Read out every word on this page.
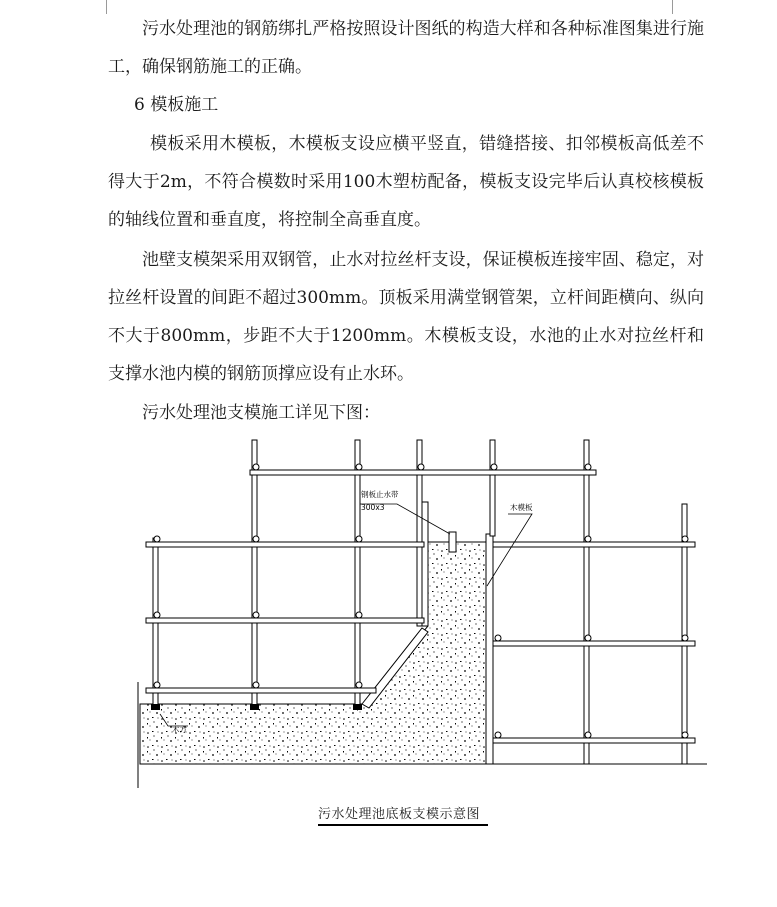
污水处理池的钢筋绑扎严格按照设计图纸的构造大样和各种标准图集进行施工，确保钢筋施工的正确。

6 模板施工

模板采用木模板，木模板支设应横平竖直，错缝搭接、扣邻模板高低差不得大于2m，不符合模数时采用100木塑枋配备，模板支设完毕后认真校核模板的轴线位置和垂直度，将控制全高垂直度。

池壁支模架采用双钢管，止水对拉丝杆支设，保证模板连接牢固、稳定，对拉丝杆设置的间距不超过300mm。顶板采用满堂钢管架，立杆间距横向、纵向不大于800mm，步距不大于1200mm。木模板支设，水池的止水对拉丝杆和支撑水池内模的钢筋顶撑应设有止水环。

污水处理池支模施工详见下图：

钢板止水带
300x3	木模板
木方

污水处理池底板支模示意图
